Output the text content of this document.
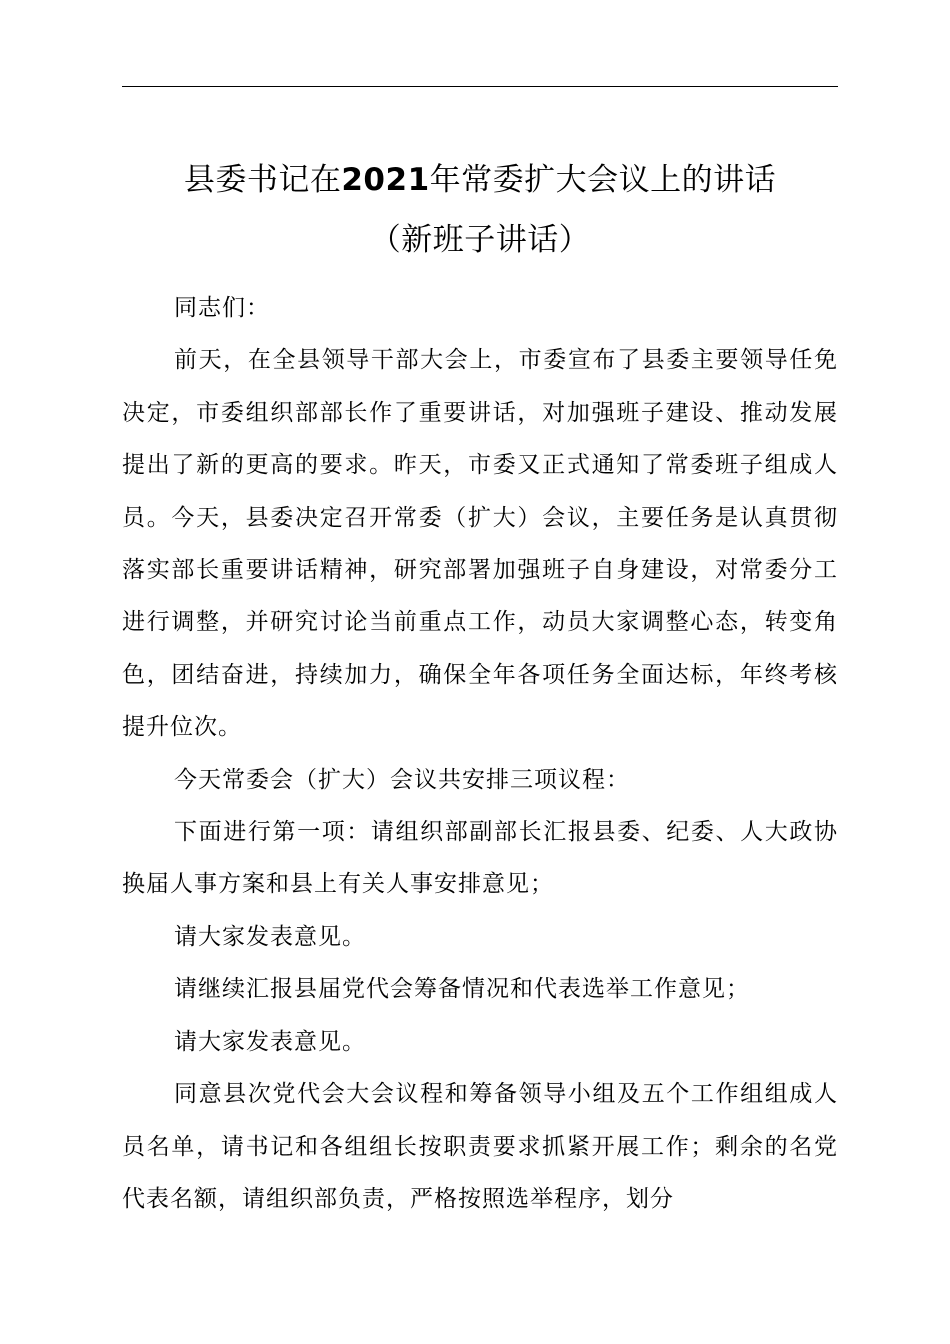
县委书记在2021年常委扩大会议上的讲话
（新班子讲话）

同志们：

前天，在全县领导干部大会上，市委宣布了县委主要领导任免决定，市委组织部部长作了重要讲话，对加强班子建设、推动发展提出了新的更高的要求。昨天，市委又正式通知了常委班子组成人员。今天，县委决定召开常委（扩大）会议，主要任务是认真贯彻落实部长重要讲话精神，研究部署加强班子自身建设，对常委分工进行调整，并研究讨论当前重点工作，动员大家调整心态，转变角色，团结奋进，持续加力，确保全年各项任务全面达标，年终考核提升位次。

今天常委会（扩大）会议共安排三项议程：

下面进行第一项：请组织部副部长汇报县委、纪委、人大政协换届人事方案和县上有关人事安排意见；

请大家发表意见。

请继续汇报县届党代会筹备情况和代表选举工作意见；

请大家发表意见。

同意县次党代会大会议程和筹备领导小组及五个工作组组成人员名单，请书记和各组组长按职责要求抓紧开展工作；剩余的名党代表名额，请组织部负责，严格按照选举程序，划分
